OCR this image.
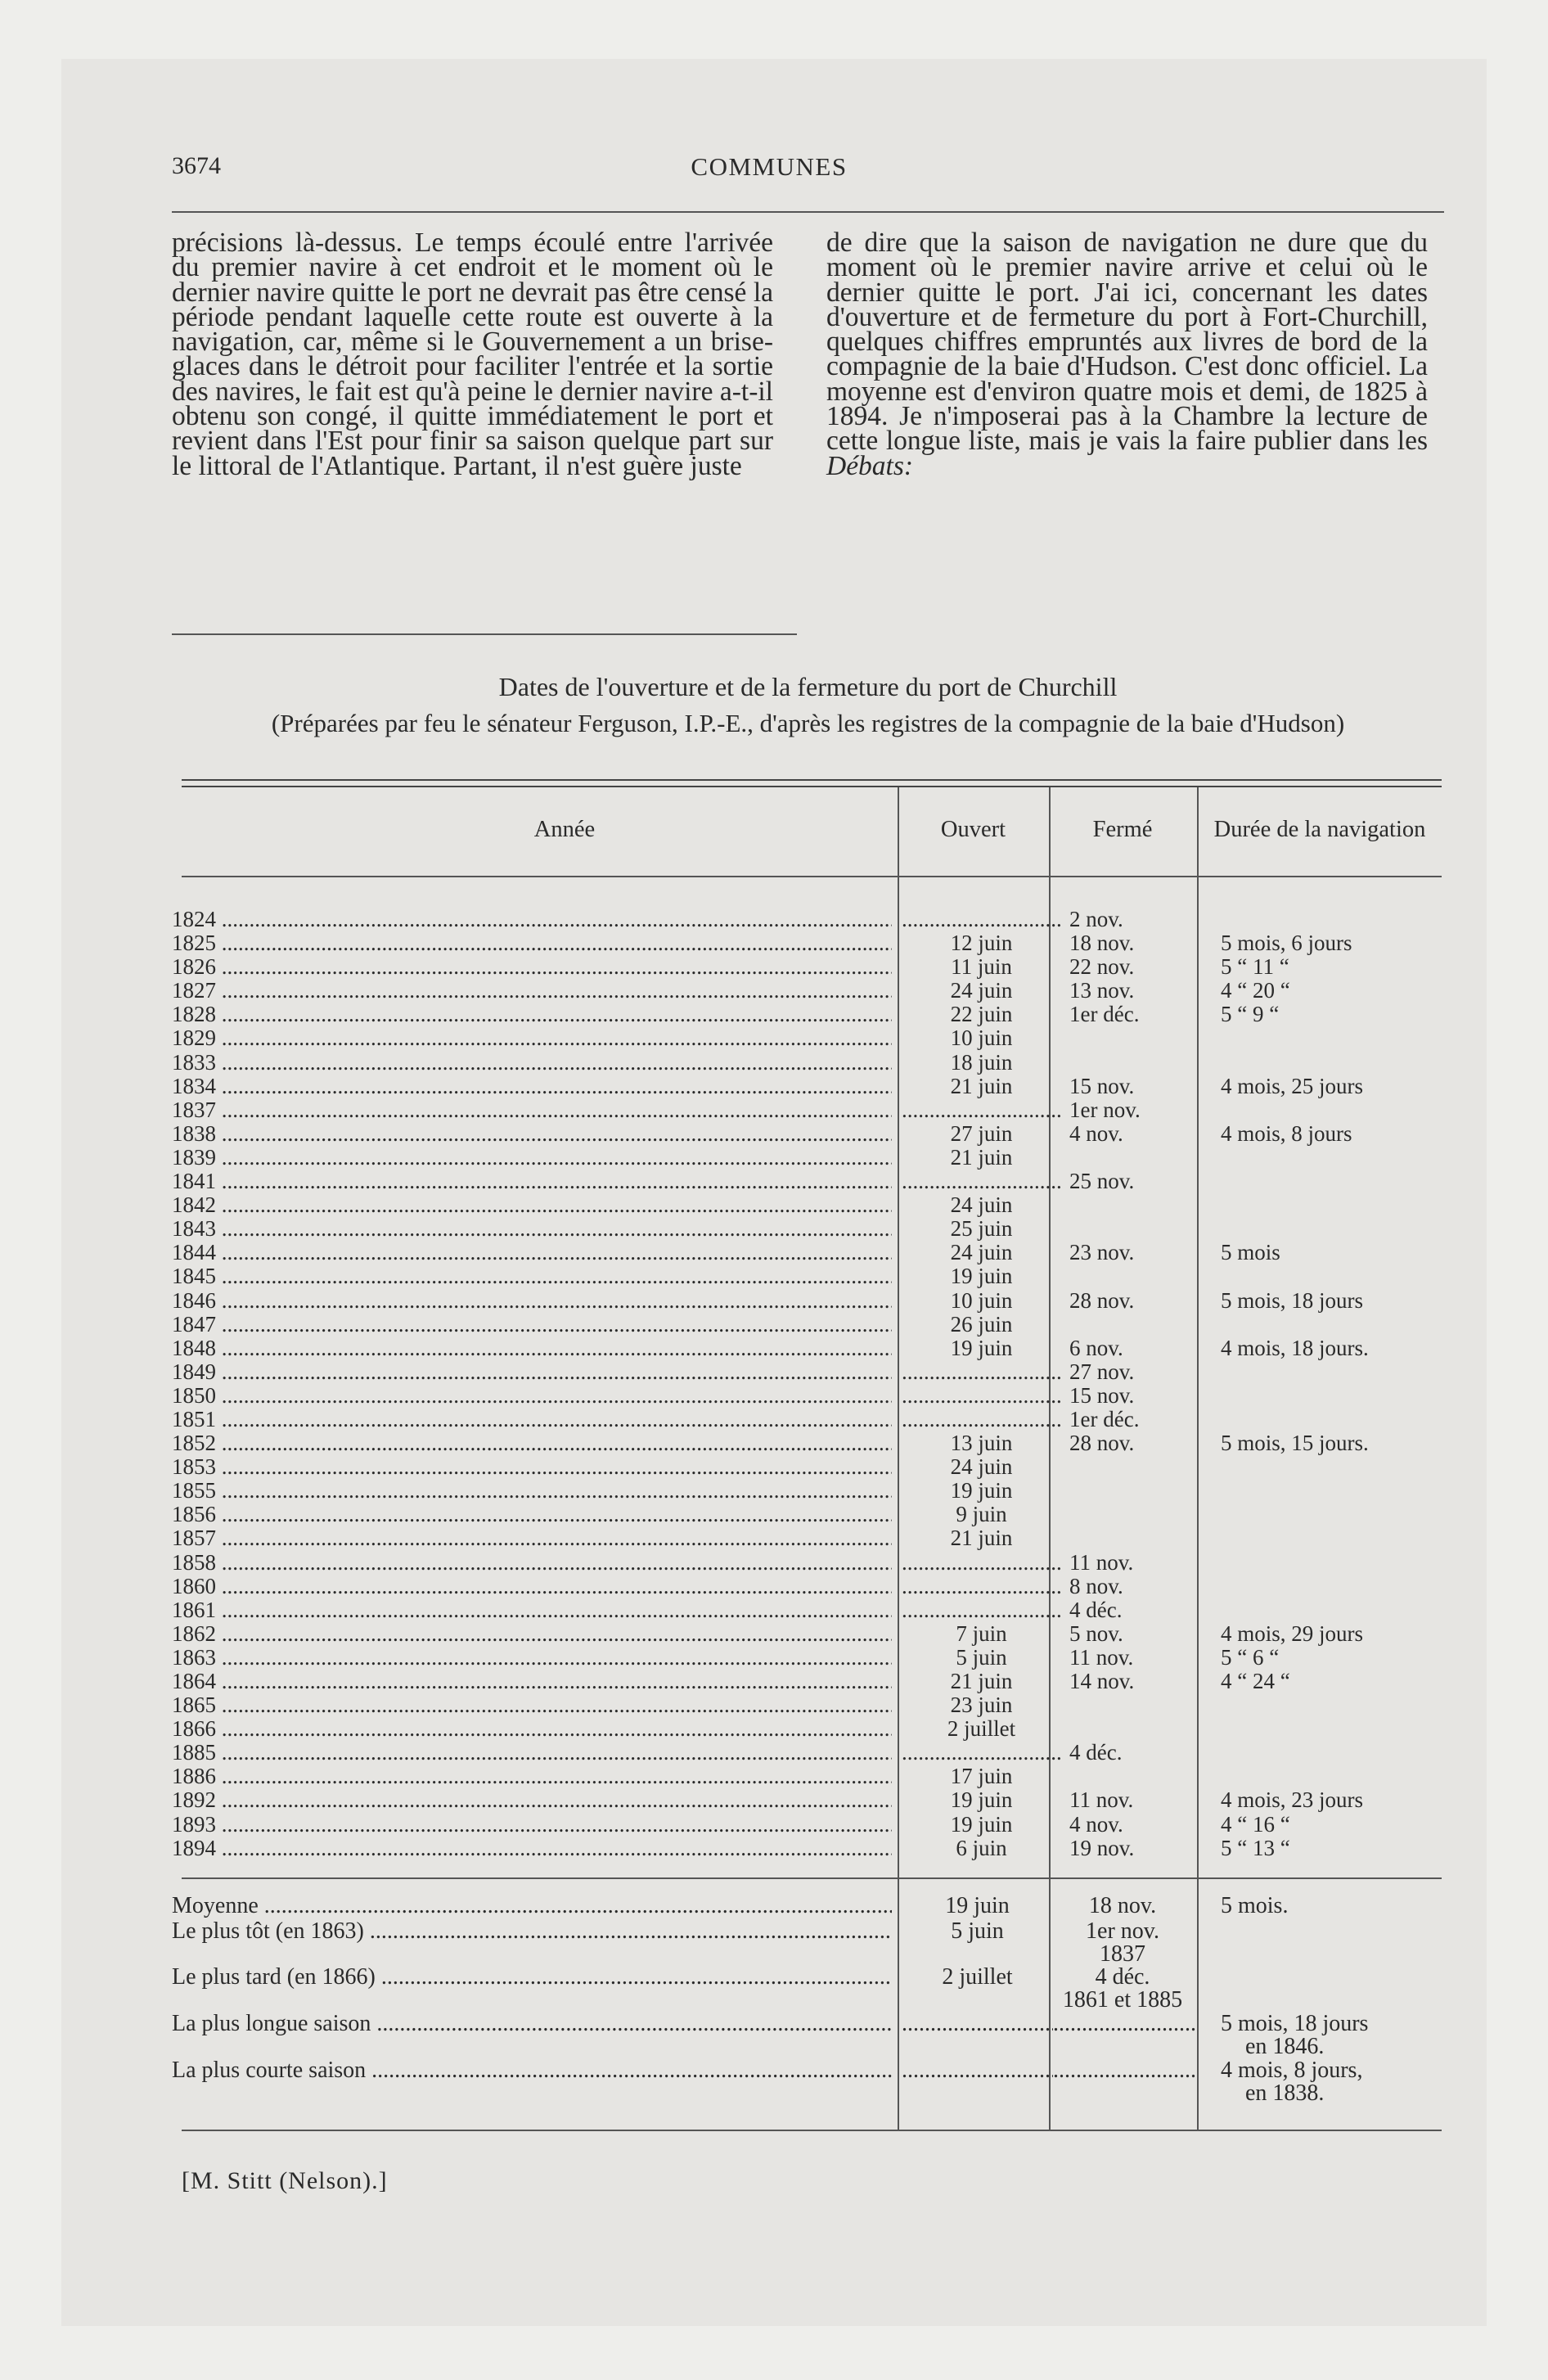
3674	COMMUNES

précisions là-dessus. Le temps écoulé entre l'arrivée du premier navire à cet endroit et le moment où le dernier navire quitte le port ne devrait pas être censé la période pendant laquelle cette route est ouverte à la navigation, car, même si le Gouvernement a un brise-glaces dans le détroit pour faciliter l'entrée et la sortie des navires, le fait est qu'à peine le dernier navire a-t-il obtenu son congé, il quitte immédiatement le port et revient dans l'Est pour finir sa saison quelque part sur le littoral de l'Atlantique. Partant, il n'est guère juste

de dire que la saison de navigation ne dure que du moment où le premier navire arrive et celui où le dernier quitte le port. J'ai ici, concernant les dates d'ouverture et de fermeture du port à Fort-Churchill, quelques chiffres empruntés aux livres de bord de la compagnie de la baie d'Hudson. C'est donc officiel. La moyenne est d'environ quatre mois et demi, de 1825 à 1894. Je n'imposerai pas à la Chambre la lecture de cette longue liste, mais je vais la faire publier dans les Débats:

Dates de l'ouverture et de la fermeture du port de Churchill
(Préparées par feu le sénateur Ferguson, I.P.-E., d'après les registres de la compagnie de la baie d'Hudson)
Année	Ouvert	Fermé	Durée de la navigation
1824 ..... .....	2 nov.
1825 .....	12 juin	18 nov.	5 mois, 6 jours
1826 .....	11 juin	22 nov.	5 “ 11 “
1827 .....	24 juin	13 nov.	4 “ 20 “
1828 .....	22 juin	1er déc.	5 “ 9 “
1829 .....	10 juin
1833 .....	18 juin
1834 .....	21 juin	15 nov.	4 mois, 25 jours
1837 ..... .....	1er nov.
1838 .....	27 juin	4 nov.	4 mois, 8 jours
1839 .....	21 juin
1841 ..... .....	25 nov.
1842 .....	24 juin
1843 .....	25 juin
1844 .....	24 juin	23 nov.	5 mois
1845 .....	19 juin
1846 .....	10 juin	28 nov.	5 mois, 18 jours
1847 .....	26 juin
1848 .....	19 juin	6 nov.	4 mois, 18 jours.
1849 ..... .....	27 nov.
1850 ..... .....	15 nov.
1851 ..... .....	1er déc.
1852 .....	13 juin	28 nov.	5 mois, 15 jours.
1853 .....	24 juin
1855 .....	19 juin
1856 .....	9 juin
1857 .....	21 juin
1858 ..... .....	11 nov.
1860 ..... .....	8 nov.
1861 ..... .....	4 déc.
1862 .....	7 juin	5 nov.	4 mois, 29 jours
1863 .....	5 juin	11 nov.	5 “ 6 “
1864 .....	21 juin	14 nov.	4 “ 24 “
1865 .....	23 juin
1866 .....	2 juillet
1885 ..... .....	4 déc.
1886 .....	17 juin
1892 .....	19 juin	11 nov.	4 mois, 23 jours
1893 .....	19 juin	4 nov.	4 “ 16 “
1894 .....	6 juin	19 nov.	5 “ 13 “
Moyenne .....	19 juin	18 nov.	5 mois.
Le plus tôt (en 1863) .....	5 juin	1er nov.
1837
Le plus tard (en 1866) .....	2 juillet	4 déc.
1861 et 1885
La plus longue saison ..... ..... .....	5 mois, 18 jours
en 1846.
La plus courte saison ..... ..... .....	4 mois, 8 jours,
en 1838.
[M. Stitt (Nelson).]
